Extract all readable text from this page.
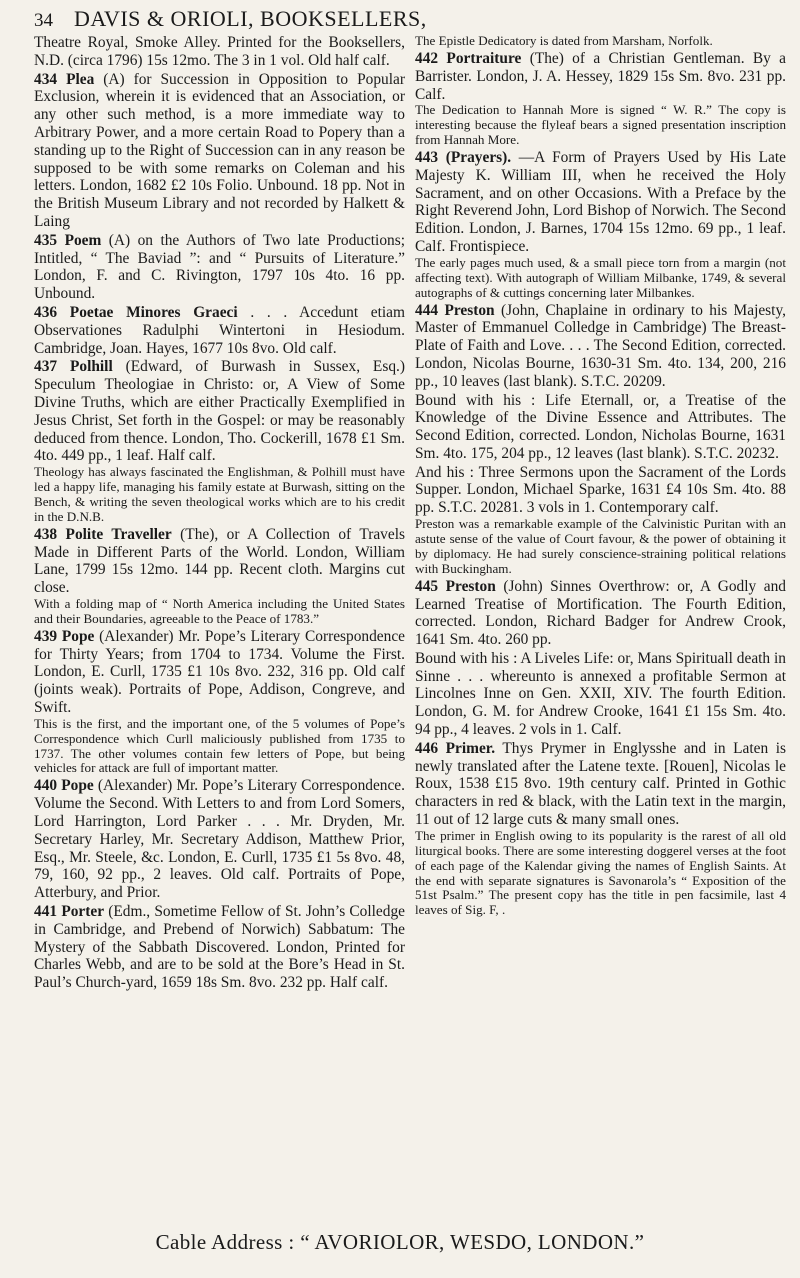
34 DAVIS & ORIOLI, BOOKSELLERS,

Theatre Royal, Smoke Alley. Printed for the Booksellers, N.D. (circa 1796) 15s 12mo. The 3 in 1 vol. Old half calf.

434 Plea (A) for Succession in Opposition to Popular Exclusion, wherein it is evidenced that an Association, or any other such method, is a more immediate way to Arbitrary Power, and a more certain Road to Popery than a standing up to the Right of Succession can in any reason be supposed to be with some remarks on Coleman and his letters. London, 1682 £2 10s Folio. Unbound. 18 pp. Not in the British Museum Library and not recorded by Halkett & Laing

435 Poem (A) on the Authors of Two late Productions; Intitled, “ The Baviad ”: and “ Pursuits of Literature.” London, F. and C. Rivington, 1797 10s 4to. 16 pp. Unbound.

436 Poetae Minores Graeci . . . Accedunt etiam Observationes Radulphi Wintertoni in Hesiodum. Cambridge, Joan. Hayes, 1677 10s 8vo. Old calf.

437 Polhill (Edward, of Burwash in Sussex, Esq.) Speculum Theologiae in Christo: or, A View of Some Divine Truths, which are either Practically Exemplified in Jesus Christ, Set forth in the Gospel: or may be reasonably deduced from thence. London, Tho. Cockerill, 1678 £1 Sm. 4to. 449 pp., 1 leaf. Half calf.

Theology has always fascinated the Englishman, & Polhill must have led a happy life, managing his family estate at Burwash, sitting on the Bench, & writing the seven theological works which are to his credit in the D.N.B.

438 Polite Traveller (The), or A Collection of Travels Made in Different Parts of the World. London, William Lane, 1799 15s 12mo. 144 pp. Recent cloth. Margins cut close.

With a folding map of “ North America including the United States and their Boundaries, agreeable to the Peace of 1783.”

439 Pope (Alexander) Mr. Pope’s Literary Correspondence for Thirty Years; from 1704 to 1734. Volume the First. London, E. Curll, 1735 £1 10s 8vo. 232, 316 pp. Old calf (joints weak). Portraits of Pope, Addison, Congreve, and Swift.

This is the first, and the important one, of the 5 volumes of Pope’s Correspondence which Curll maliciously published from 1735 to 1737. The other volumes contain few letters of Pope, but being vehicles for attack are full of important matter.

440 Pope (Alexander) Mr. Pope’s Literary Correspondence. Volume the Second. With Letters to and from Lord Somers, Lord Harrington, Lord Parker . . . Mr. Dryden, Mr. Secretary Harley, Mr. Secretary Addison, Matthew Prior, Esq., Mr. Steele, &c. London, E. Curll, 1735 £1 5s 8vo. 48, 79, 160, 92 pp., 2 leaves. Old calf. Portraits of Pope, Atterbury, and Prior.

441 Porter (Edm., Sometime Fellow of St. John’s Colledge in Cambridge, and Prebend of Norwich) Sabbatum: The Mystery of the Sabbath Discovered. London, Printed for Charles Webb, and are to be sold at the Bore’s Head in St. Paul’s Church-yard, 1659 18s Sm. 8vo. 232 pp. Half calf.

The Epistle Dedicatory is dated from Marsham, Norfolk.

442 Portraiture (The) of a Christian Gentleman. By a Barrister. London, J. A. Hessey, 1829 15s Sm. 8vo. 231 pp. Calf.

The Dedication to Hannah More is signed “ W. R.” The copy is interesting because the flyleaf bears a signed presentation inscription from Hannah More.

443 (Prayers). —A Form of Prayers Used by His Late Majesty K. William III, when he received the Holy Sacrament, and on other Occasions. With a Preface by the Right Reverend John, Lord Bishop of Norwich. The Second Edition. London, J. Barnes, 1704 15s 12mo. 69 pp., 1 leaf. Calf. Frontispiece.

The early pages much used, & a small piece torn from a margin (not affecting text). With autograph of William Milbanke, 1749, & several autographs of & cuttings concerning later Milbankes.

444 Preston (John, Chaplaine in ordinary to his Majesty, Master of Emmanuel Colledge in Cambridge) The Breast-Plate of Faith and Love. . . . The Second Edition, corrected. London, Nicolas Bourne, 1630-31 Sm. 4to. 134, 200, 216 pp., 10 leaves (last blank). S.T.C. 20209.

Bound with his : Life Eternall, or, a Treatise of the Knowledge of the Divine Essence and Attributes. The Second Edition, corrected. London, Nicholas Bourne, 1631 Sm. 4to. 175, 204 pp., 12 leaves (last blank). S.T.C. 20232.

And his : Three Sermons upon the Sacrament of the Lords Supper. London, Michael Sparke, 1631 £4 10s Sm. 4to. 88 pp. S.T.C. 20281. 3 vols in 1. Contemporary calf.

Preston was a remarkable example of the Calvinistic Puritan with an astute sense of the value of Court favour, & the power of obtaining it by diplomacy. He had surely conscience-straining political relations with Buckingham.

445 Preston (John) Sinnes Overthrow: or, A Godly and Learned Treatise of Mortification. The Fourth Edition, corrected. London, Richard Badger for Andrew Crook, 1641 Sm. 4to. 260 pp.

Bound with his : A Liveles Life: or, Mans Spirituall death in Sinne . . . whereunto is annexed a profitable Sermon at Lincolnes Inne on Gen. XXII, XIV. The fourth Edition. London, G. M. for Andrew Crooke, 1641 £1 15s Sm. 4to. 94 pp., 4 leaves. 2 vols in 1. Calf.

446 Primer. Thys Prymer in Englysshe and in Laten is newly translated after the Latene texte. [Rouen], Nicolas le Roux, 1538 £15 8vo. 19th century calf. Printed in Gothic characters in red & black, with the Latin text in the margin, 11 out of 12 large cuts & many small ones.

The primer in English owing to its popularity is the rarest of all old liturgical books. There are some interesting doggerel verses at the foot of each page of the Kalendar giving the names of English Saints. At the end with separate signatures is Savonarola’s “ Exposition of the 51st Psalm.” The present copy has the title in pen facsimile, last 4 leaves of Sig. F, .

Cable Address : “ AVORIOLOR, WESDO, LONDON.”
